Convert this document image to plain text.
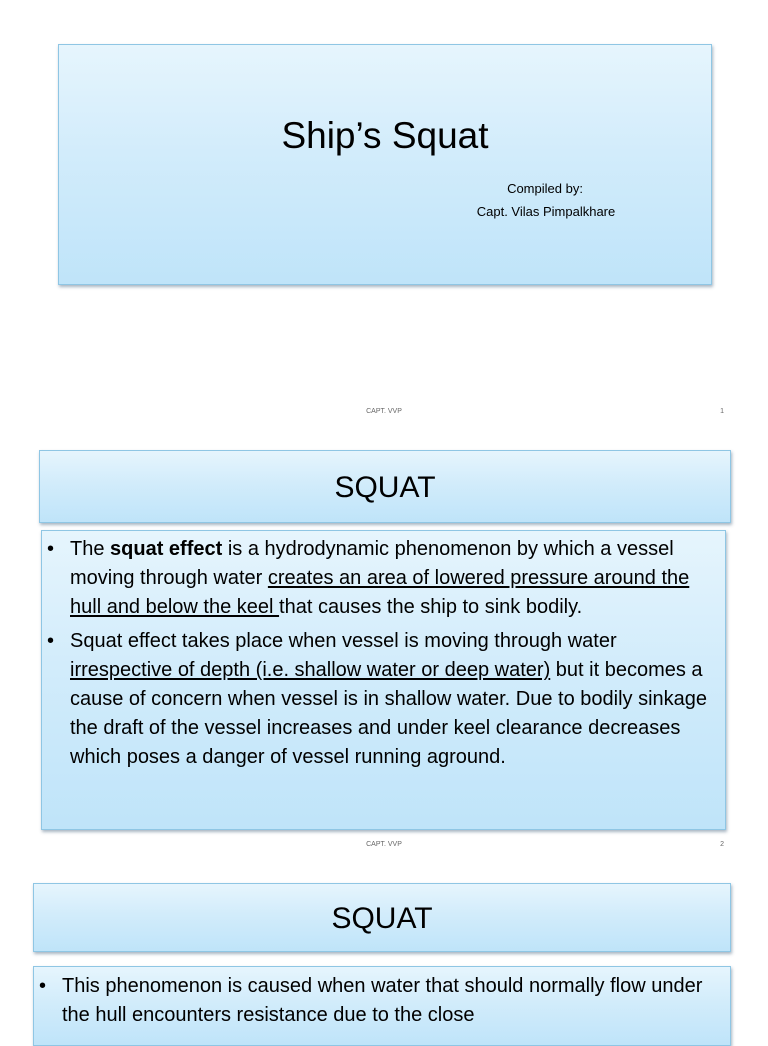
Ship’s Squat
Compiled by:
Capt. Vilas Pimpalkhare
CAPT. VVP	1
SQUAT
• The squat effect is a hydrodynamic phenomenon by which a vessel moving through water creates an area of lowered pressure around the hull and below the keel that causes the ship to sink bodily.
• Squat effect takes place when vessel is moving through water irrespective of depth (i.e. shallow water or deep water) but it becomes a cause of concern when vessel is in shallow water. Due to bodily sinkage the draft of the vessel increases and under keel clearance decreases which poses a danger of vessel running aground.
CAPT. VVP	2
SQUAT
• This phenomenon is caused when water that should normally flow under the hull encounters resistance due to the close
